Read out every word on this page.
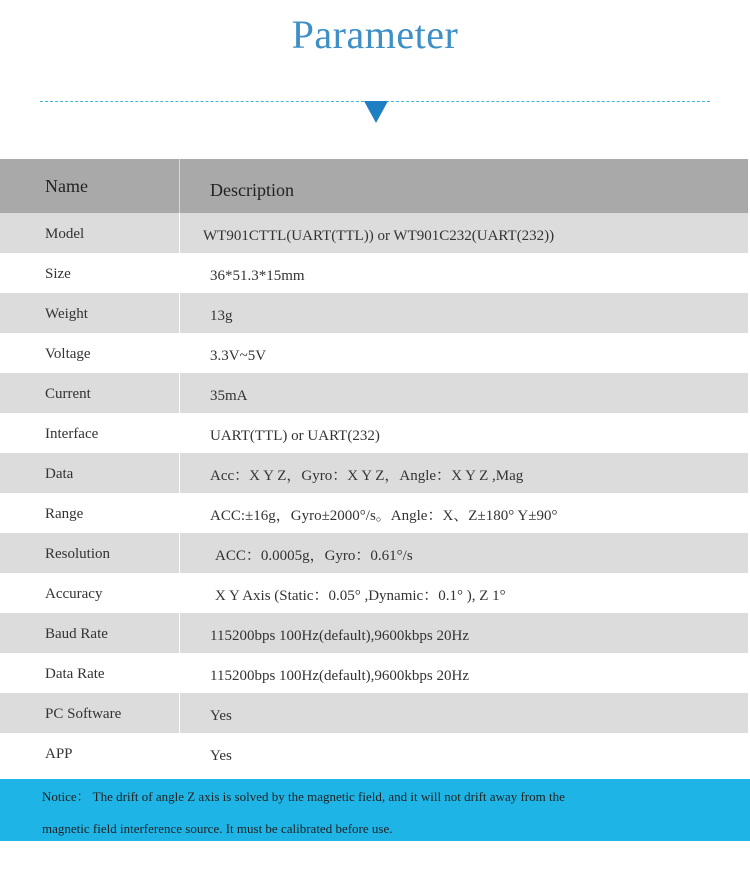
Parameter
Name	Description
Model	WT901CTTL(UART(TTL)) or WT901C232(UART(232))
Size	36*51.3*15mm
Weight	13g
Voltage	3.3V~5V
Current	35mA
Interface	UART(TTL) or UART(232)
Data	Acc：X Y Z，Gyro：X Y Z，Angle：X Y Z ,Mag
Range	ACC:±16g，Gyro±2000°/s。Angle：X、Z±180° Y±90°
Resolution	ACC：0.0005g，Gyro：0.61°/s
Accuracy	X Y Axis (Static：0.05° ,Dynamic：0.1° ), Z 1°
Baud Rate	115200bps 100Hz(default),9600kbps 20Hz
Data Rate	115200bps 100Hz(default),9600kbps 20Hz
PC Software	Yes
APP	Yes
Notice： The drift of angle Z axis is solved by the magnetic field, and it will not drift away from the
magnetic field interference source. It must be calibrated before use.
